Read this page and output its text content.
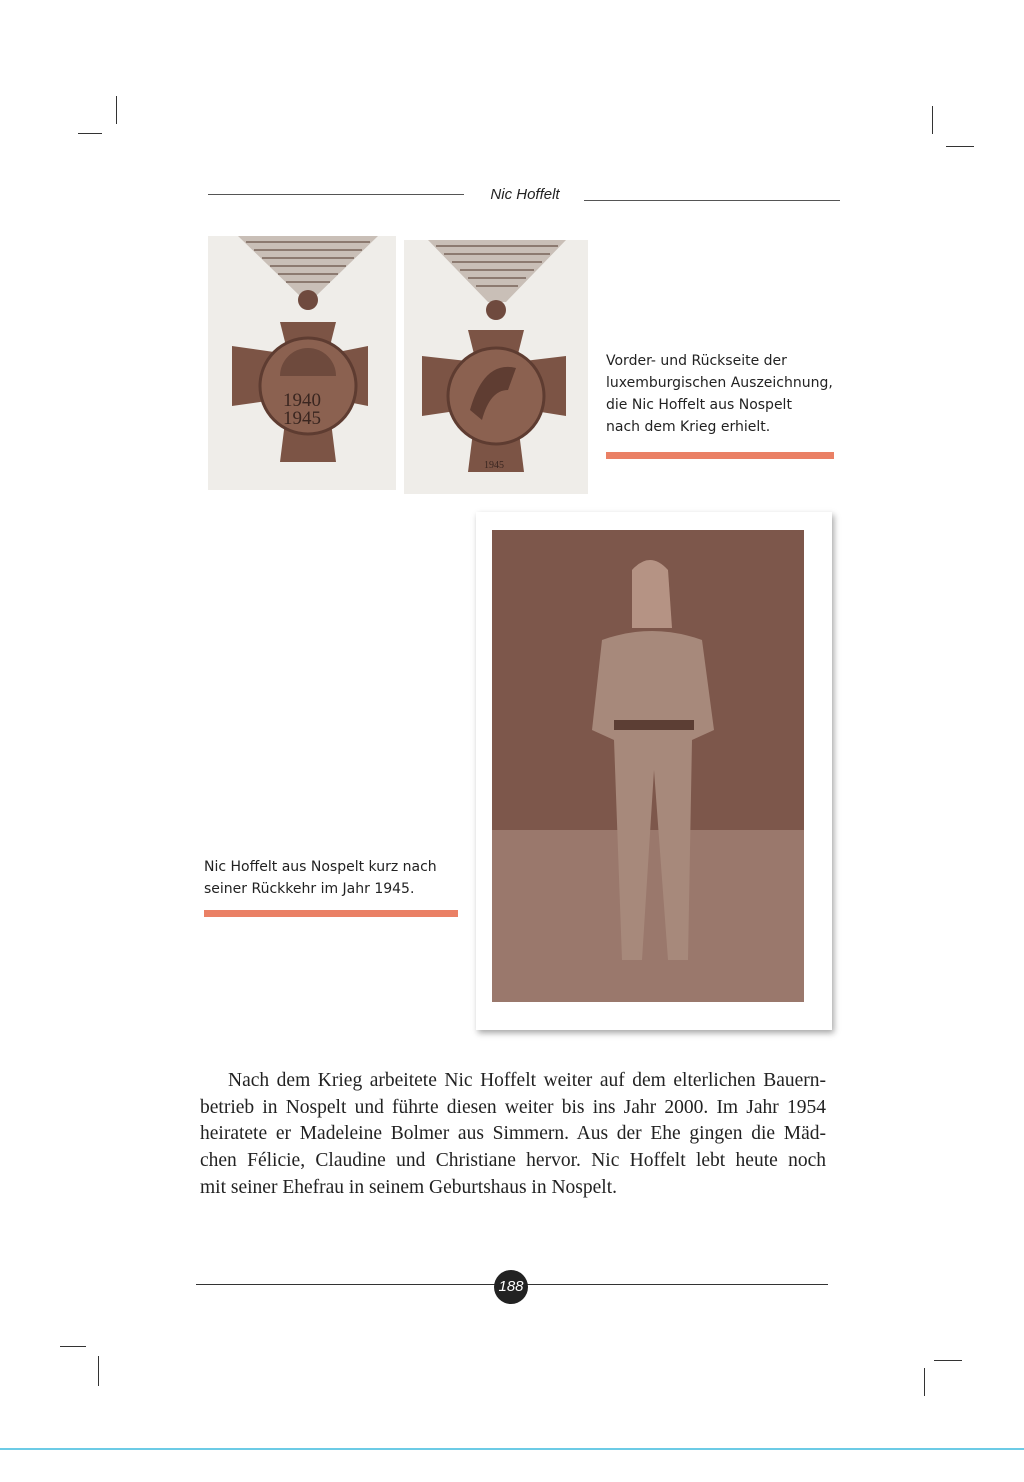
Nic Hoffelt
1940
1945
1945
Vorder- und Rückseite der
luxemburgischen Auszeichnung,
die Nic Hoffelt aus Nospelt
nach dem Krieg erhielt.
Nic Hoffelt aus Nospelt kurz nach
seiner Rückkehr im Jahr 1945.
Nach dem Krieg arbeitete Nic Hoffelt weiter auf dem elterlichen Bauern-
betrieb in Nospelt und führte diesen weiter bis ins Jahr 2000. Im Jahr 1954
heiratete er Madeleine Bolmer aus Simmern. Aus der Ehe gingen die Mäd-
chen Félicie, Claudine und Christiane hervor. Nic Hoffelt lebt heute noch
mit seiner Ehefrau in seinem Geburtshaus in Nospelt.
188
